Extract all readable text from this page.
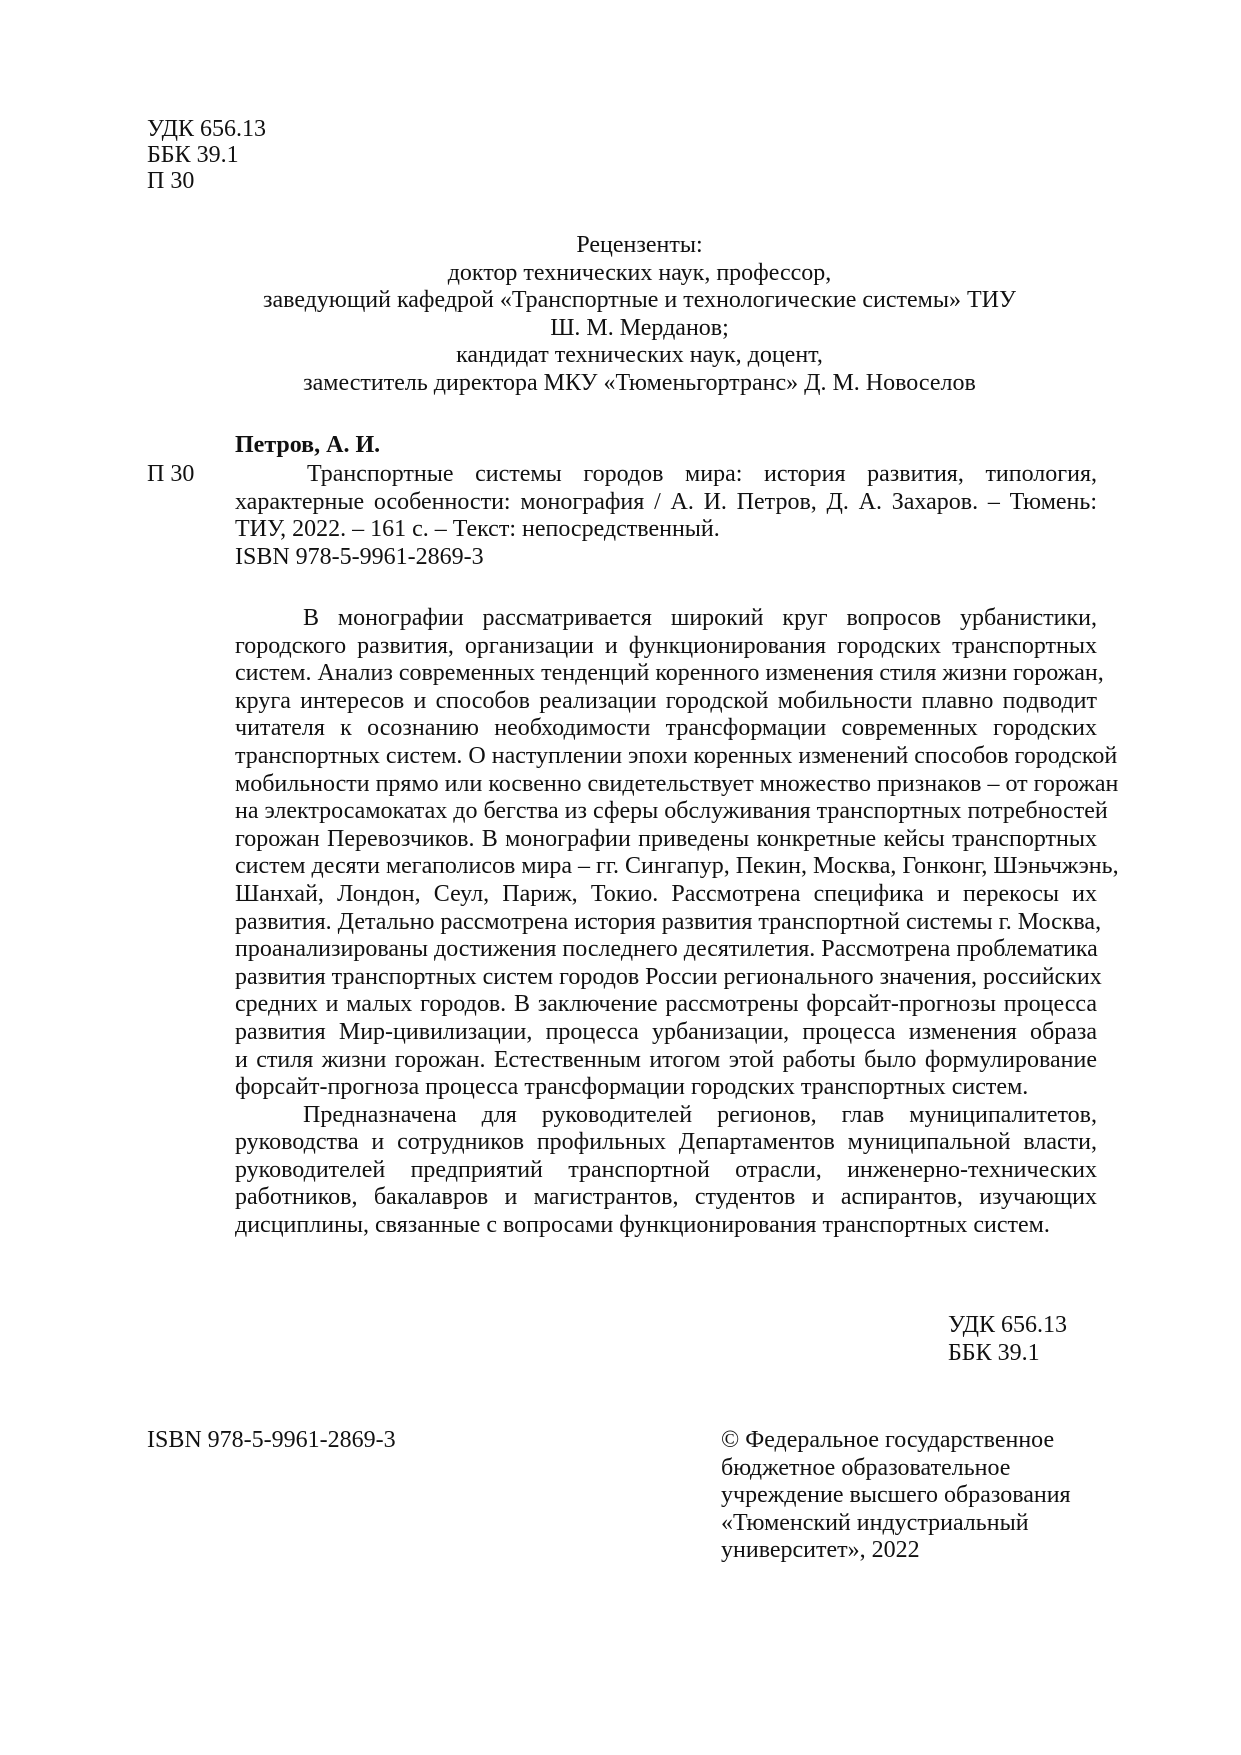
УДК 656.13
ББК 39.1
П 30
Рецензенты:
доктор технических наук, профессор,
заведующий кафедрой «Транспортные и технологические системы» ТИУ
Ш. М. Мерданов;
кандидат технических наук, доцент,
заместитель директора МКУ «Тюменьгортранс» Д. М. Новоселов
Петров, А. И.
П 30	Транспортные системы городов мира: история развития, типология,
характерные особенности: монография / А. И. Петров, Д. А. Захаров. – Тюмень:
ТИУ, 2022. – 161 с. – Текст: непосредственный.
ISBN 978-5-9961-2869-3
В монографии рассматривается широкий круг вопросов урбанистики,
городского развития, организации и функционирования городских транспортных
систем. Анализ современных тенденций коренного изменения стиля жизни горожан,
круга интересов и способов реализации городской мобильности плавно подводит
читателя к осознанию необходимости трансформации современных городских
транспортных систем. О наступлении эпохи коренных изменений способов городской
мобильности прямо или косвенно свидетельствует множество признаков – от горожан
на электросамокатах до бегства из сферы обслуживания транспортных потребностей
горожан Перевозчиков. В монографии приведены конкретные кейсы транспортных
систем десяти мегаполисов мира – гг. Сингапур, Пекин, Москва, Гонконг, Шэньчжэнь,
Шанхай, Лондон, Сеул, Париж, Токио. Рассмотрена специфика и перекосы их
развития. Детально рассмотрена история развития транспортной системы г. Москва,
проанализированы достижения последнего десятилетия. Рассмотрена проблематика
развития транспортных систем городов России регионального значения, российских
средних и малых городов. В заключение рассмотрены форсайт-прогнозы процесса
развития Мир-цивилизации, процесса урбанизации, процесса изменения образа
и стиля жизни горожан. Естественным итогом этой работы было формулирование
форсайт-прогноза процесса трансформации городских транспортных систем.
Предназначена для руководителей регионов, глав муниципалитетов,
руководства и сотрудников профильных Департаментов муниципальной власти,
руководителей предприятий транспортной отрасли, инженерно-технических
работников, бакалавров и магистрантов, студентов и аспирантов, изучающих
дисциплины, связанные с вопросами функционирования транспортных систем.
УДК 656.13
ББК 39.1
ISBN 978-5-9961-2869-3	© Федеральное государственное
бюджетное образовательное
учреждение высшего образования
«Тюменский индустриальный
университет», 2022
